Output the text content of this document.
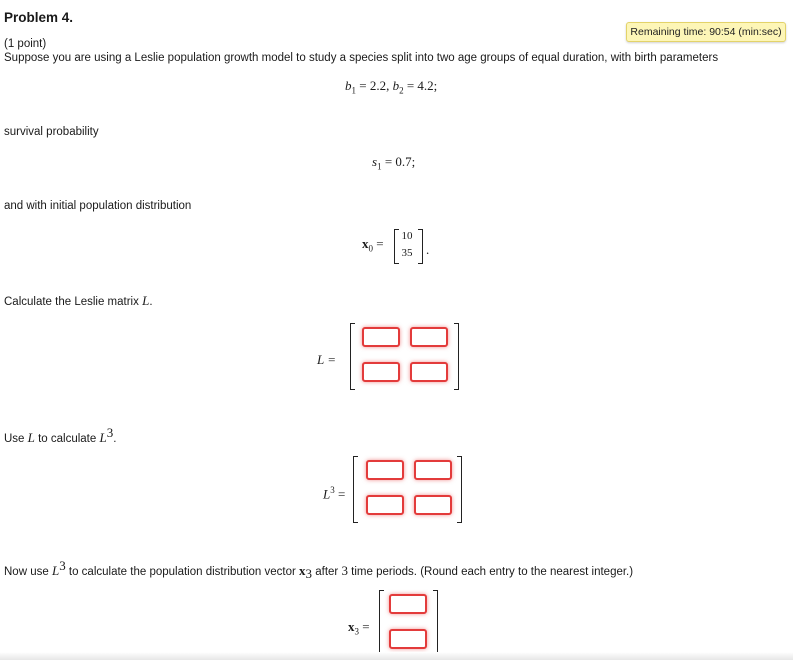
Problem 4.
Remaining time: 90:54 (min:sec)
(1 point)
Suppose you are using a Leslie population growth model to study a species split into two age groups of equal duration, with birth parameters
$b_1 = 2.2$, $b_2 = 4.2$;
survival probability
$s_1 = 0.7$;
and with initial population distribution
$x_0$ =	10
35	.
Calculate the Leslie matrix L.
L =
Use L to calculate $L^3$.
$L^3$ =
Now use $L^3$ to calculate the population distribution vector $x_3$ after 3 time periods. (Round each entry to the nearest integer.)
$x_3$ =
